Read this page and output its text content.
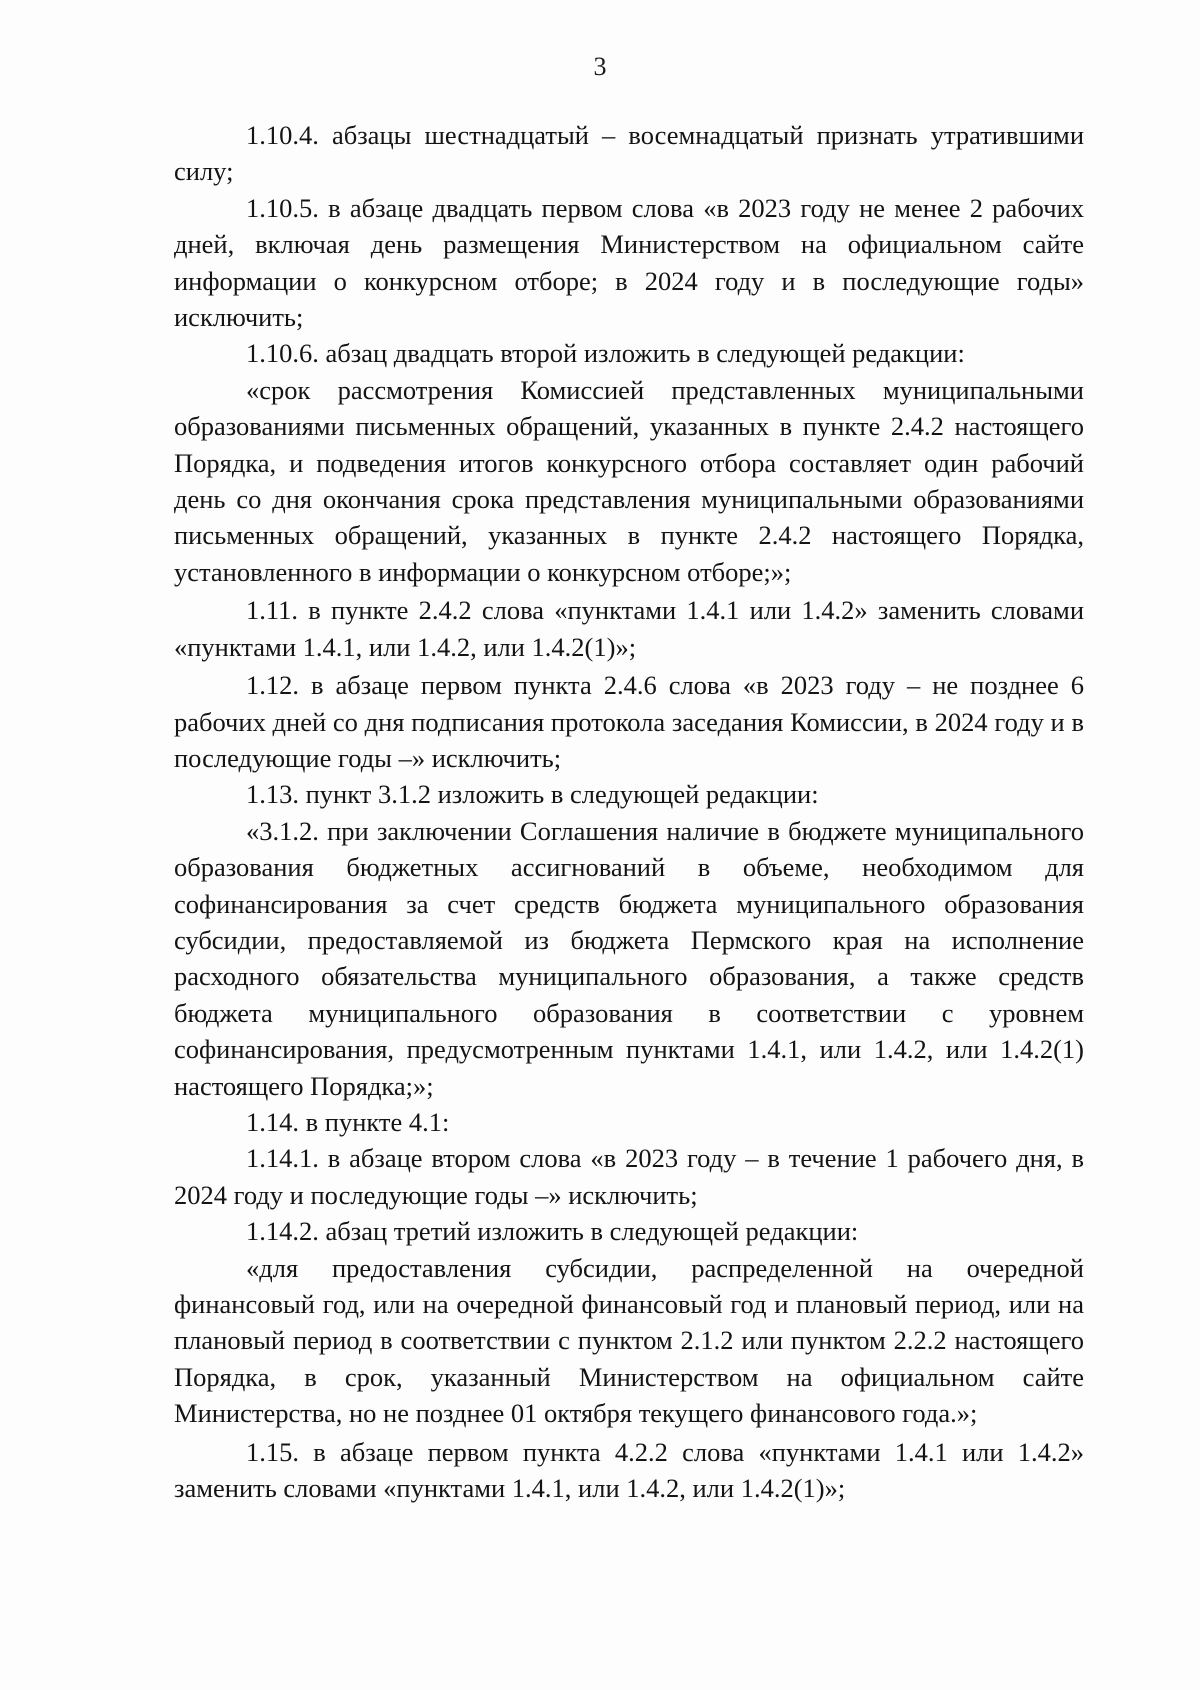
3

1.10.4. абзацы шестнадцатый – восемнадцатый признать утратившими силу;

1.10.5. в абзаце двадцать первом слова «в 2023 году не менее 2 рабочих дней, включая день размещения Министерством на официальном сайте информации о конкурсном отборе; в 2024 году и в последующие годы» исключить;

1.10.6. абзац двадцать второй изложить в следующей редакции:

«срок рассмотрения Комиссией представленных муниципальными образованиями письменных обращений, указанных в пункте 2.4.2 настоящего Порядка, и подведения итогов конкурсного отбора составляет один рабочий день со дня окончания срока представления муниципальными образованиями письменных обращений, указанных в пункте 2.4.2 настоящего Порядка, установленного в информации о конкурсном отборе;»;

1.11. в пункте 2.4.2 слова «пунктами 1.4.1 или 1.4.2» заменить словами «пунктами 1.4.1, или 1.4.2, или 1.4.2(1)»;

1.12. в абзаце первом пункта 2.4.6 слова «в 2023 году – не позднее 6 рабочих дней со дня подписания протокола заседания Комиссии, в 2024 году и в последующие годы –» исключить;

1.13. пункт 3.1.2 изложить в следующей редакции:

«3.1.2. при заключении Соглашения наличие в бюджете муниципального образования бюджетных ассигнований в объеме, необходимом для софинансирования за счет средств бюджета муниципального образования субсидии, предоставляемой из бюджета Пермского края на исполнение расходного обязательства муниципального образования, а также средств бюджета муниципального образования в соответствии с уровнем софинансирования, предусмотренным пунктами 1.4.1, или 1.4.2, или 1.4.2(1) настоящего Порядка;»;

1.14. в пункте 4.1:

1.14.1. в абзаце втором слова «в 2023 году – в течение 1 рабочего дня, в 2024 году и последующие годы –» исключить;

1.14.2. абзац третий изложить в следующей редакции:

«для предоставления субсидии, распределенной на очередной финансовый год, или на очередной финансовый год и плановый период, или на плановый период в соответствии с пунктом 2.1.2 или пунктом 2.2.2 настоящего Порядка, в срок, указанный Министерством на официальном сайте Министерства, но не позднее 01 октября текущего финансового года.»;

1.15. в абзаце первом пункта 4.2.2 слова «пунктами 1.4.1 или 1.4.2» заменить словами «пунктами 1.4.1, или 1.4.2, или 1.4.2(1)»;
